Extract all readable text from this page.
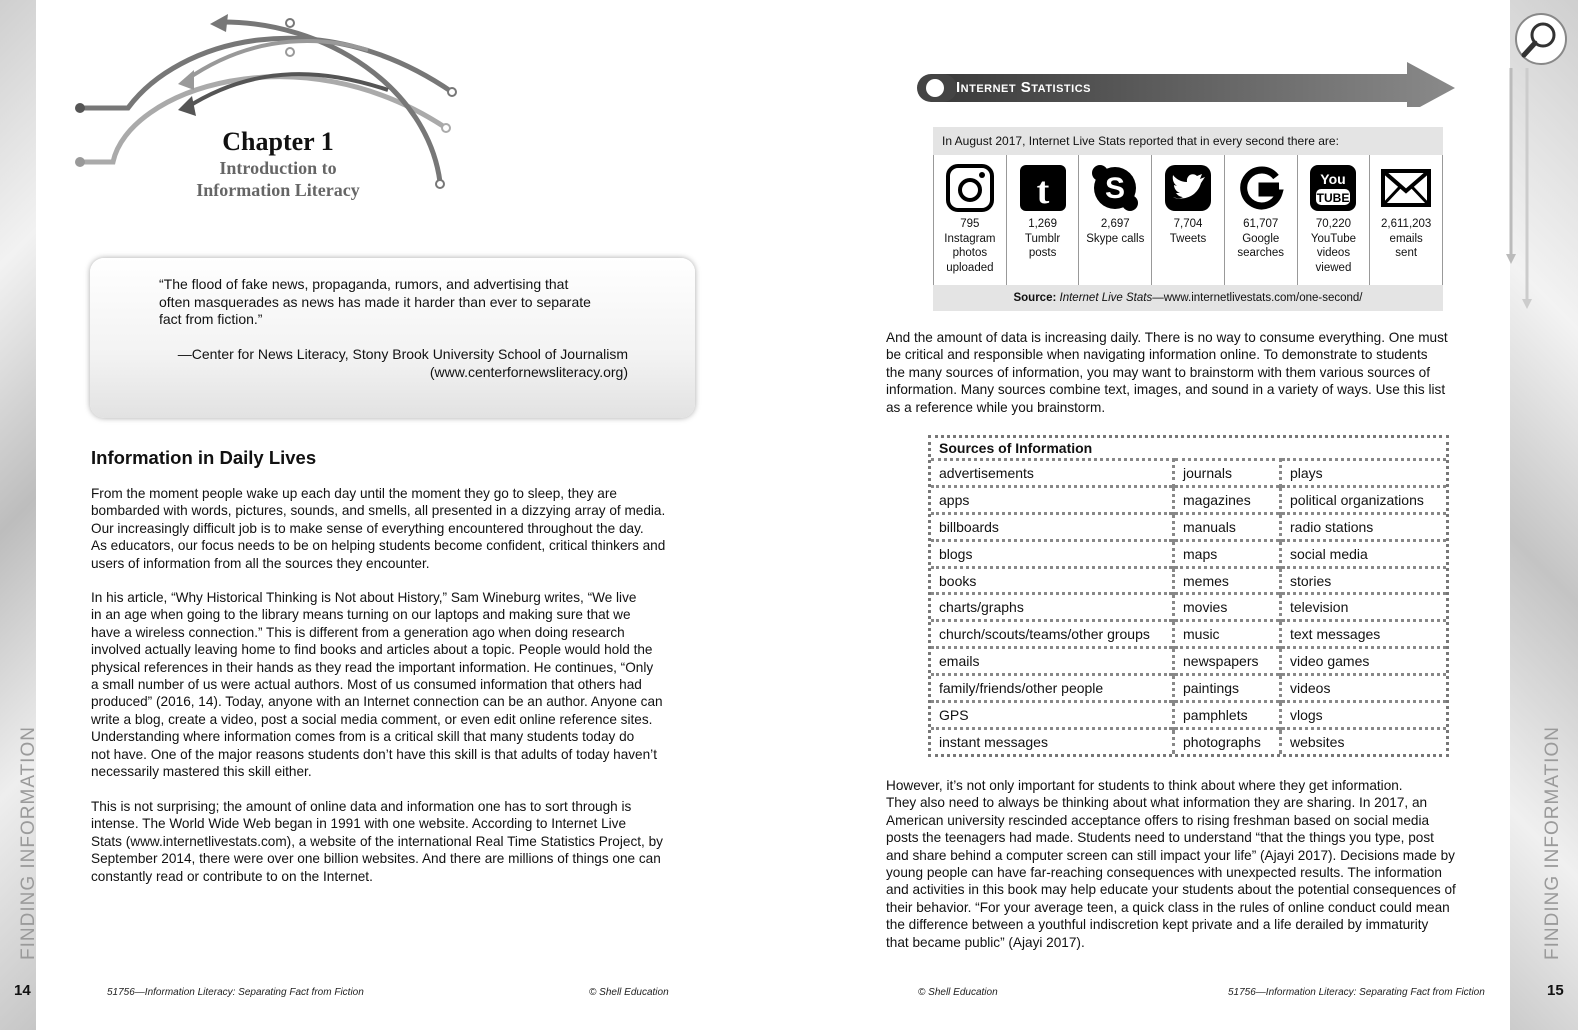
FINDING INFORMATION	FINDING INFORMATION
14	15
51756—Information Literacy: Separating Fact from Fiction	© Shell Education	© Shell Education	51756—Information Literacy: Separating Fact from Fiction
Chapter 1
Introduction to
Information Literacy
“The flood of fake news, propaganda, rumors, and advertising that
often masquerades as news has made it harder than ever to separate
fact from fiction.”
—Center for News Literacy, Stony Brook University School of Journalism
(www.centerfornewsliteracy.org)
Information in Daily Lives
From the moment people wake up each day until the moment they go to sleep, they are
bombarded with words, pictures, sounds, and smells, all presented in a dizzying array of media.
Our increasingly difficult job is to make sense of everything encountered throughout the day.
As educators, our focus needs to be on helping students become confident, critical thinkers and
users of information from all the sources they encounter.
In his article, “Why Historical Thinking is Not about History,” Sam Wineburg writes, “We live
in an age when going to the library means turning on our laptops and making sure that we
have a wireless connection.” This is different from a generation ago when doing research
involved actually leaving home to find books and articles about a topic. People would hold the
physical references in their hands as they read the important information. He continues, “Only
a small number of us were actual authors. Most of us consumed information that others had
produced” (2016, 14). Today, anyone with an Internet connection can be an author. Anyone can
write a blog, create a video, post a social media comment, or even edit online reference sites.
Understanding where information comes from is a critical skill that many students today do
not have. One of the major reasons students don’t have this skill is that adults of today haven’t
necessarily mastered this skill either.
This is not surprising; the amount of online data and information one has to sort through is
intense. The World Wide Web began in 1991 with one website. According to Internet Live
Stats (www.internetlivestats.com), a website of the international Real Time Statistics Project, by
September 2014, there were over one billion websites. And there are millions of things one can
constantly read or contribute to on the Internet.
Internet Statistics
In August 2017, Internet Live Stats reported that in every second there are:
795
Instagram
photos
uploaded
t
1,269
Tumblr
posts
S
2,697
Skype calls
7,704
Tweets
61,707
Google
searches
You
TUBE
70,220
YouTube
videos
viewed
2,611,203
emails
sent
Source: Internet Live Stats—www.internetlivestats.com/one-second/
And the amount of data is increasing daily. There is no way to consume everything. One must
be critical and responsible when navigating information online. To demonstrate to students
the many sources of information, you may want to brainstorm with them various sources of
information. Many sources combine text, images, and sound in a variety of ways. Use this list
as a reference while you brainstorm.
Sources of Information		
advertisements	journals	plays
apps	magazines	political organizations
billboards	manuals	radio stations
blogs	maps	social media
books	memes	stories
charts/graphs	movies	television
church/scouts/teams/other groups	music	text messages
emails	newspapers	video games
family/friends/other people	paintings	videos
GPS	pamphlets	vlogs
instant messages	photographs	websites
However, it’s not only important for students to think about where they get information.
They also need to always be thinking about what information they are sharing. In 2017, an
American university rescinded acceptance offers to rising freshman based on social media
posts the teenagers had made. Students need to understand “that the things you type, post
and share behind a computer screen can still impact your life” (Ajayi 2017). Decisions made by
young people can have far-reaching consequences with unexpected results. The information
and activities in this book may help educate your students about the potential consequences of
their behavior. “For your average teen, a quick class in the rules of online conduct could mean
the difference between a youthful indiscretion kept private and a life derailed by immaturity
that became public” (Ajayi 2017).
